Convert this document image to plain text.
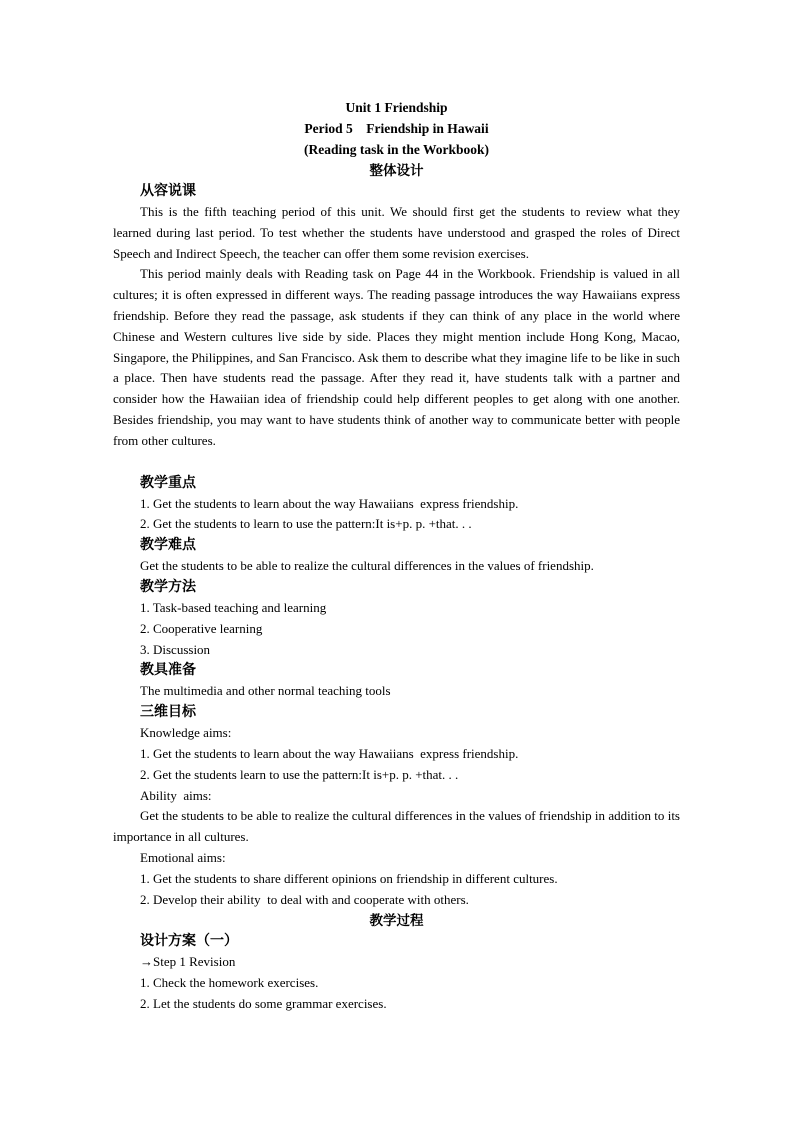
Unit 1 Friendship
Period 5    Friendship in Hawaii
(Reading task in the Workbook)
整体设计
从容说课
This is the fifth teaching period of this unit. We should first get the students to review what they learned during last period. To test whether the students have understood and grasped the roles of Direct Speech and Indirect Speech, the teacher can offer them some revision exercises.
This period mainly deals with Reading task on Page 44 in the Workbook. Friendship is valued in all cultures; it is often expressed in different ways. The reading passage introduces the way Hawaiians express friendship. Before they read the passage, ask students if they can think of any place in the world where Chinese and Western cultures live side by side. Places they might mention include Hong Kong, Macao, Singapore, the Philippines, and San Francisco. Ask them to describe what they imagine life to be like in such a place. Then have students read the passage. After they read it, have students talk with a partner and consider how the Hawaiian idea of friendship could help different peoples to get along with one another. Besides friendship, you may want to have students think of another way to communicate better with people from other cultures.
教学重点
1. Get the students to learn about the way Hawaiians  express friendship.
2. Get the students to learn to use the pattern:It is+p. p. +that. . .
教学难点
Get the students to be able to realize the cultural differences in the values of friendship.
教学方法
1. Task-based teaching and learning
2. Cooperative learning
3. Discussion
教具准备
The multimedia and other normal teaching tools
三维目标
Knowledge aims:
1. Get the students to learn about the way Hawaiians  express friendship.
2. Get the students learn to use the pattern:It is+p. p. +that. . .
Ability  aims:
Get the students to be able to realize the cultural differences in the values of friendship in addition to its importance in all cultures.
Emotional aims:
1. Get the students to share different opinions on friendship in different cultures.
2. Develop their ability  to deal with and cooperate with others.
教学过程
设计方案（一）
→Step 1 Revision
1. Check the homework exercises.
2. Let the students do some grammar exercises.
